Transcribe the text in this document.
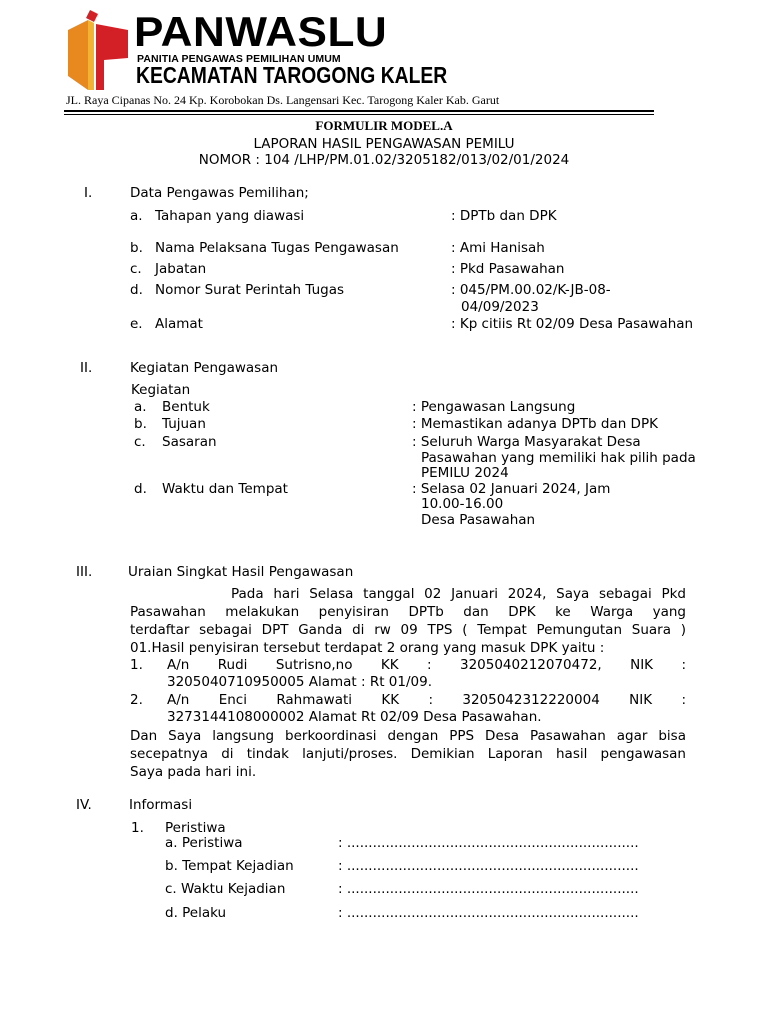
PANWASLU
PANITIA PENGAWAS PEMILIHAN UMUM
KECAMATAN TAROGONG KALER
JL. Raya Cipanas No. 24 Kp. Korobokan Ds. Langensari Kec. Tarogong Kaler Kab. Garut
FORMULIR MODEL.A
LAPORAN HASIL PENGAWASAN PEMILU
NOMOR : 104 /LHP/PM.01.02/3205182/013/02/01/2024
I.	Data Pengawas Pemilihan;
a. Tahapan yang diawasi	: DPTb dan DPK
b. Nama Pelaksana Tugas Pengawasan	: Ami Hanisah
c. Jabatan	: Pkd Pasawahan
d. Nomor Surat Perintah Tugas	: 045/PM.00.02/K-JB-08-
04/09/2023
e. Alamat	: Kp citiis Rt 02/09 Desa Pasawahan
II.	Kegiatan Pengawasan
Kegiatan
a. Bentuk	: Pengawasan Langsung
b. Tujuan	: Memastikan adanya DPTb dan DPK
c. Sasaran	: Seluruh Warga Masyarakat Desa
Pasawahan yang memiliki hak pilih pada
PEMILU 2024
d. Waktu dan Tempat	: Selasa 02 Januari 2024, Jam
10.00-16.00
Desa Pasawahan
III.	Uraian Singkat Hasil Pengawasan
Pada hari Selasa tanggal 02 Januari 2024, Saya sebagai Pkd
Pasawahan melakukan penyisiran DPTb dan DPK ke Warga yang
terdaftar sebagai DPT Ganda di rw 09 TPS ( Tempat Pemungutan Suara )
01.Hasil penyisiran tersebut terdapat 2 orang yang masuk DPK yaitu :
1. A/n Rudi Sutrisno,no KK : 3205040212070472, NIK :
3205040710950005 Alamat : Rt 01/09.
2. A/n Enci Rahmawati KK : 3205042312220004 NIK :
3273144108000002 Alamat Rt 02/09 Desa Pasawahan.
Dan Saya langsung berkoordinasi dengan PPS Desa Pasawahan agar bisa
secepatnya di tindak lanjuti/proses. Demikian Laporan hasil pengawasan
Saya pada hari ini.
IV.	Informasi
1. Peristiwa
a. Peristiwa	: ....................................................................
b. Tempat Kejadian	: ....................................................................
c. Waktu Kejadian	: ....................................................................
d. Pelaku	: ....................................................................
